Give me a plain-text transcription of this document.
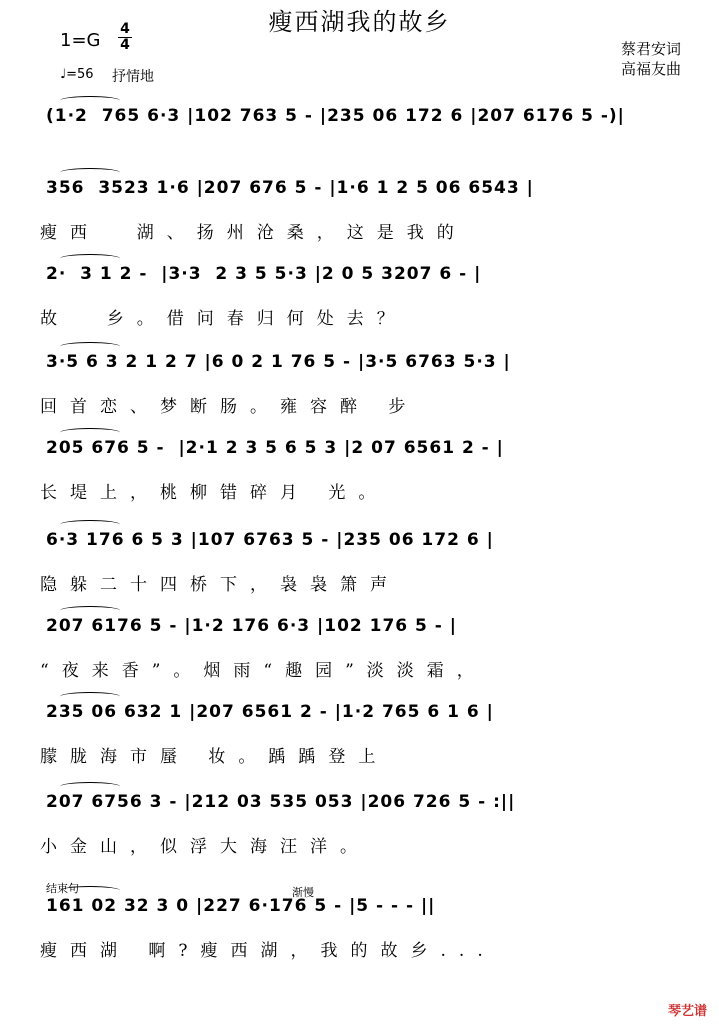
瘦西湖我的故乡
1=G
4
4
♩=56 抒情地
蔡君安词
高福友曲
(1·2  765 6·3 |102 763 5 - |235 06 172 6 |207 6176 5 -)|
356  3523 1·6 |207 676 5 - |1·6 1 2 5 06 6543 |
瘦西  湖、扬州沧桑，这是我的
2·  3 1 2 -  |3·3  2 3 5 5·3 |2 0 5 3207 6 - |
故  乡。借问春归何处去？
3·5 6 3 2 1 2 7 |6 0 2 1 76 5 - |3·5 6763 5·3 |
回首恋、梦断肠。雍容醉 步
205 676 5 -  |2·1 2 3 5 6 5 3 |2 07 6561 2 - |
长堤上，桃柳错碎月 光。
6·3 176 6 5 3 |107 6763 5 - |235 06 172 6 |
隐躲二十四桥下，袅袅箫声
207 6176 5 - |1·2 176 6·3 |102 176 5 - |
“夜来香”。烟雨“趣园”淡淡霜，
235 06 632 1 |207 6561 2 - |1·2 765 6 1 6 |
朦胧海市蜃 妆。踽踽登上
207 6756 3 - |212 03 535 053 |206 726 5 - :||
小金山，似浮大海汪洋。
161 02 32 3 0 |227 6·176 5 - |5 - - - ||
瘦西湖 啊?瘦西湖，我的故乡...
结束句	渐慢
琴艺谱
